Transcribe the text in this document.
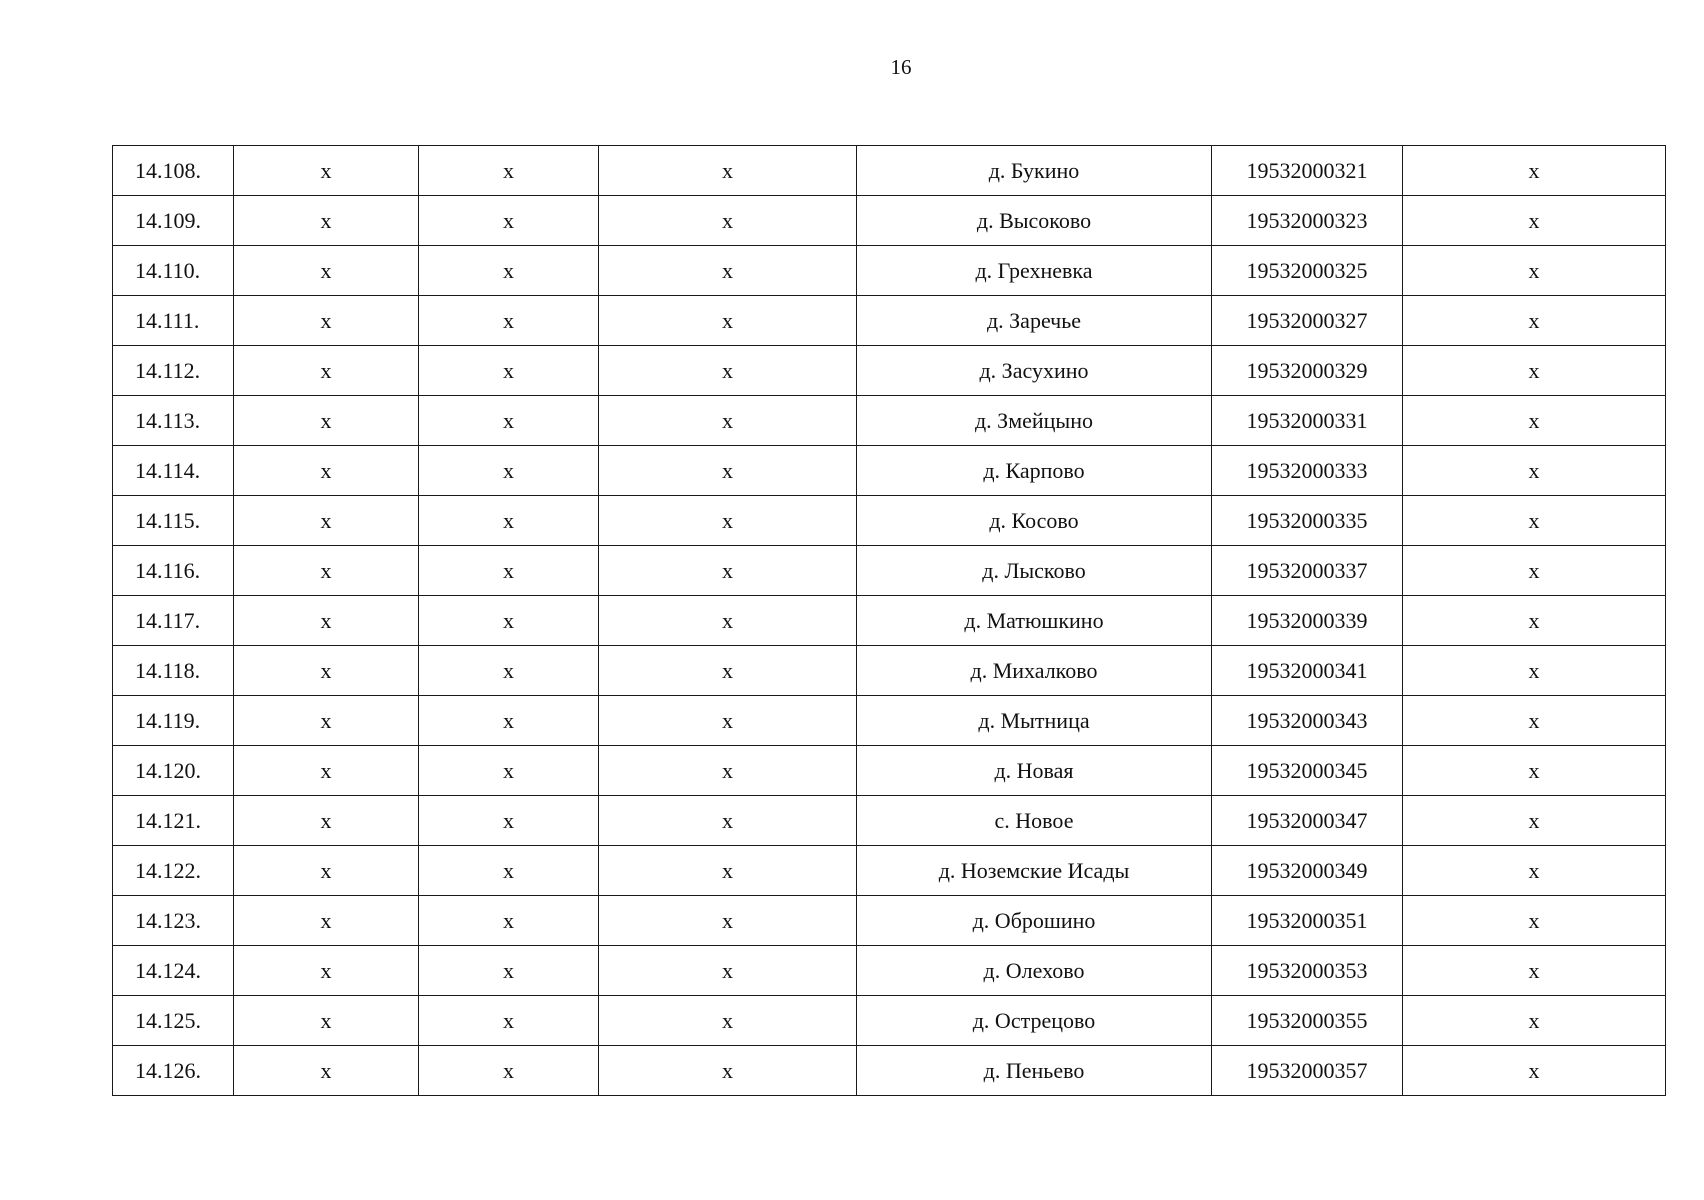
16
14.108.	х	х	х	д. Букино	19532000321	х
14.109.	х	х	х	д. Высоково	19532000323	х
14.110.	х	х	х	д. Грехневка	19532000325	х
14.111.	х	х	х	д. Заречье	19532000327	х
14.112.	х	х	х	д. Засухино	19532000329	х
14.113.	х	х	х	д. Змейцыно	19532000331	х
14.114.	х	х	х	д. Карпово	19532000333	х
14.115.	х	х	х	д. Косово	19532000335	х
14.116.	х	х	х	д. Лысково	19532000337	х
14.117.	х	х	х	д. Матюшкино	19532000339	х
14.118.	х	х	х	д. Михалково	19532000341	х
14.119.	х	х	х	д. Мытница	19532000343	х
14.120.	х	х	х	д. Новая	19532000345	х
14.121.	х	х	х	с. Новое	19532000347	х
14.122.	х	х	х	д. Ноземские Исады	19532000349	х
14.123.	х	х	х	д. Оброшино	19532000351	х
14.124.	х	х	х	д. Олехово	19532000353	х
14.125.	х	х	х	д. Острецово	19532000355	х
14.126.	х	х	х	д. Пеньево	19532000357	х
